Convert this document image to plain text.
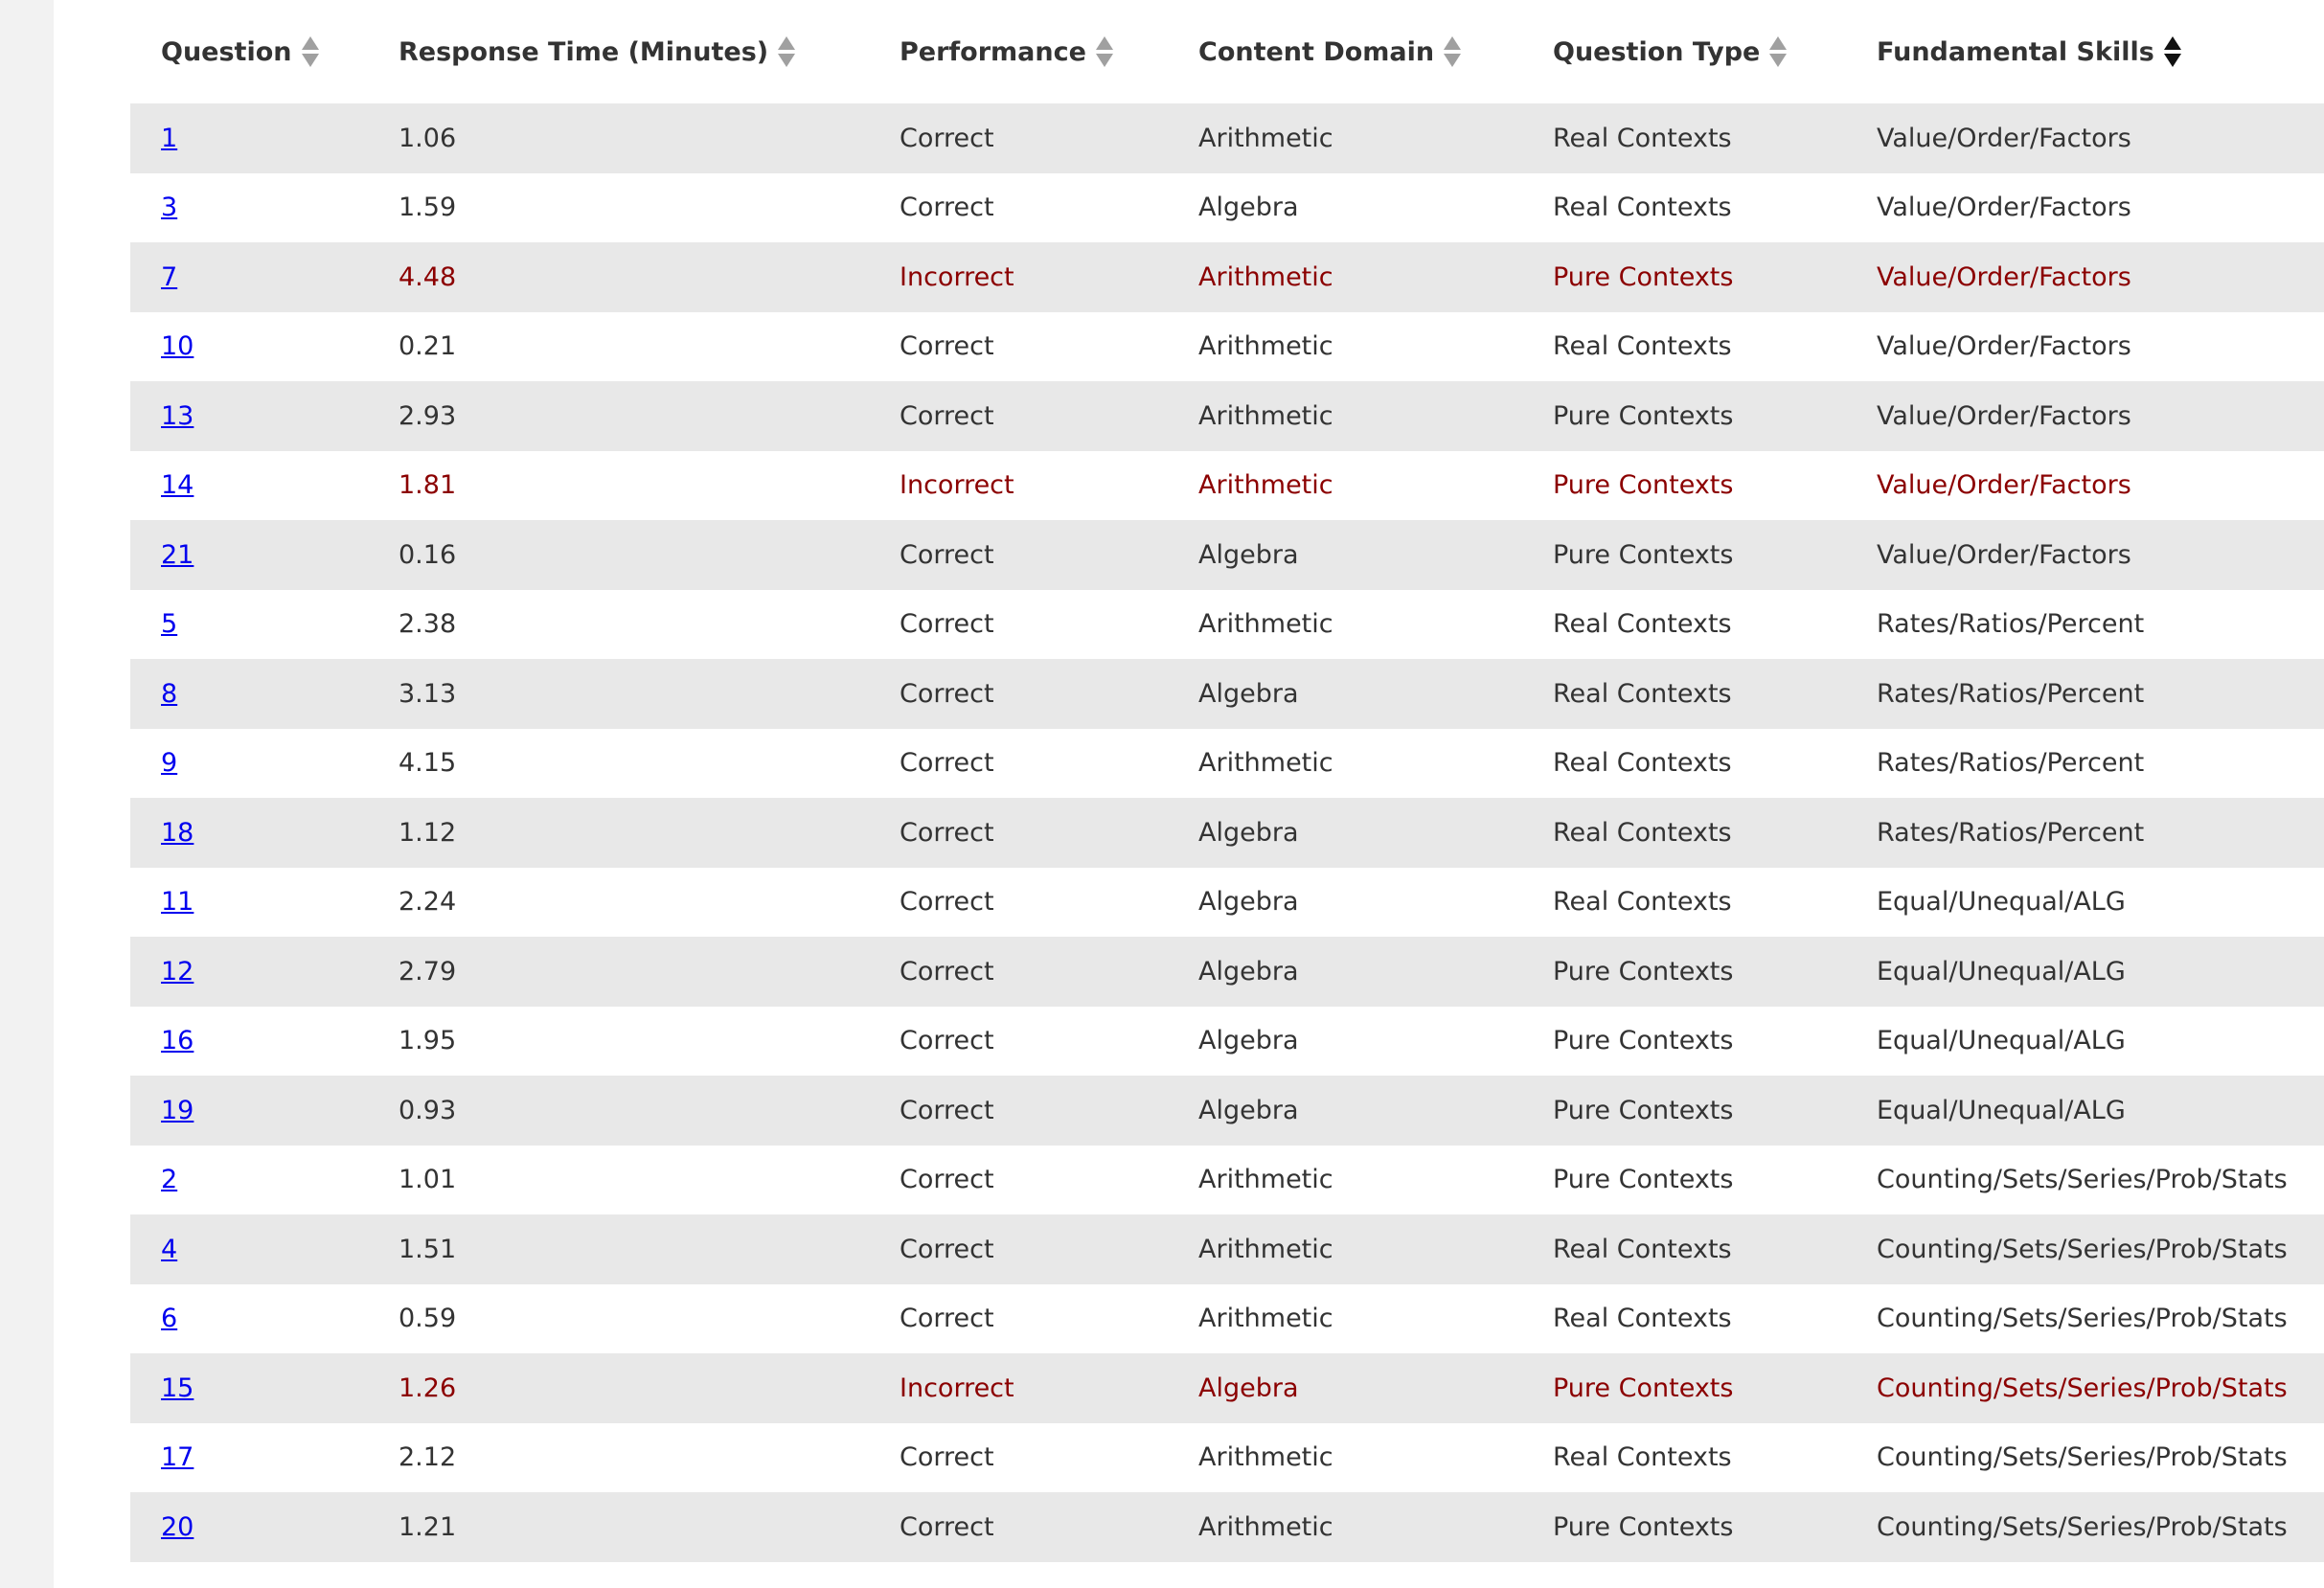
Question	Response Time (Minutes)	Performance	Content Domain	Question Type	Fundamental Skills

1	1.06	Correct	Arithmetic	Real Contexts	Value/Order/Factors
3	1.59	Correct	Algebra	Real Contexts	Value/Order/Factors
7	4.48	Incorrect	Arithmetic	Pure Contexts	Value/Order/Factors
10	0.21	Correct	Arithmetic	Real Contexts	Value/Order/Factors
13	2.93	Correct	Arithmetic	Pure Contexts	Value/Order/Factors
14	1.81	Incorrect	Arithmetic	Pure Contexts	Value/Order/Factors
21	0.16	Correct	Algebra	Pure Contexts	Value/Order/Factors
5	2.38	Correct	Arithmetic	Real Contexts	Rates/Ratios/Percent
8	3.13	Correct	Algebra	Real Contexts	Rates/Ratios/Percent
9	4.15	Correct	Arithmetic	Real Contexts	Rates/Ratios/Percent
18	1.12	Correct	Algebra	Real Contexts	Rates/Ratios/Percent
11	2.24	Correct	Algebra	Real Contexts	Equal/Unequal/ALG
12	2.79	Correct	Algebra	Pure Contexts	Equal/Unequal/ALG
16	1.95	Correct	Algebra	Pure Contexts	Equal/Unequal/ALG
19	0.93	Correct	Algebra	Pure Contexts	Equal/Unequal/ALG
2	1.01	Correct	Arithmetic	Pure Contexts	Counting/Sets/Series/Prob/Stats
4	1.51	Correct	Arithmetic	Real Contexts	Counting/Sets/Series/Prob/Stats
6	0.59	Correct	Arithmetic	Real Contexts	Counting/Sets/Series/Prob/Stats
15	1.26	Incorrect	Algebra	Pure Contexts	Counting/Sets/Series/Prob/Stats
17	2.12	Correct	Arithmetic	Real Contexts	Counting/Sets/Series/Prob/Stats
20	1.21	Correct	Arithmetic	Pure Contexts	Counting/Sets/Series/Prob/Stats
